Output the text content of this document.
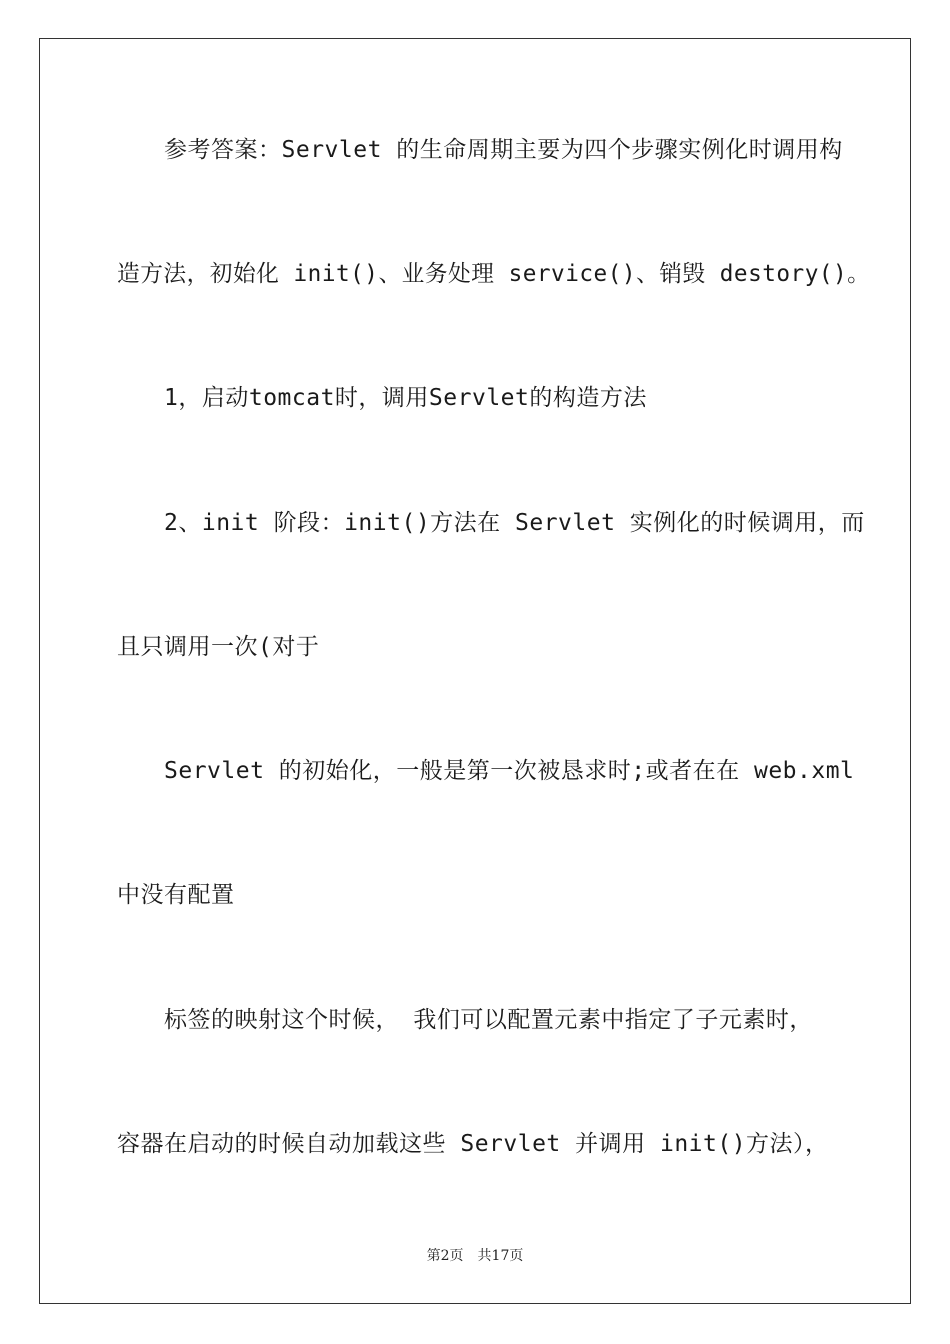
参考答案：Servlet 的生命周期主要为四个步骤实例化时调用构
造方法，初始化 init()、业务处理 service()、销毁 destory()。
1，启动tomcat时，调用Servlet的构造方法
2、init 阶段：init()方法在 Servlet 实例化的时候调用，而
且只调用一次(对于
Servlet 的初始化，一般是第一次被恳求时;或者在在 web.xml
中没有配置
标签的映射这个时候， 我们可以配置元素中指定了子元素时，
容器在启动的时候自动加载这些 Servlet 并调用 init()方法），
第2页 共17页
